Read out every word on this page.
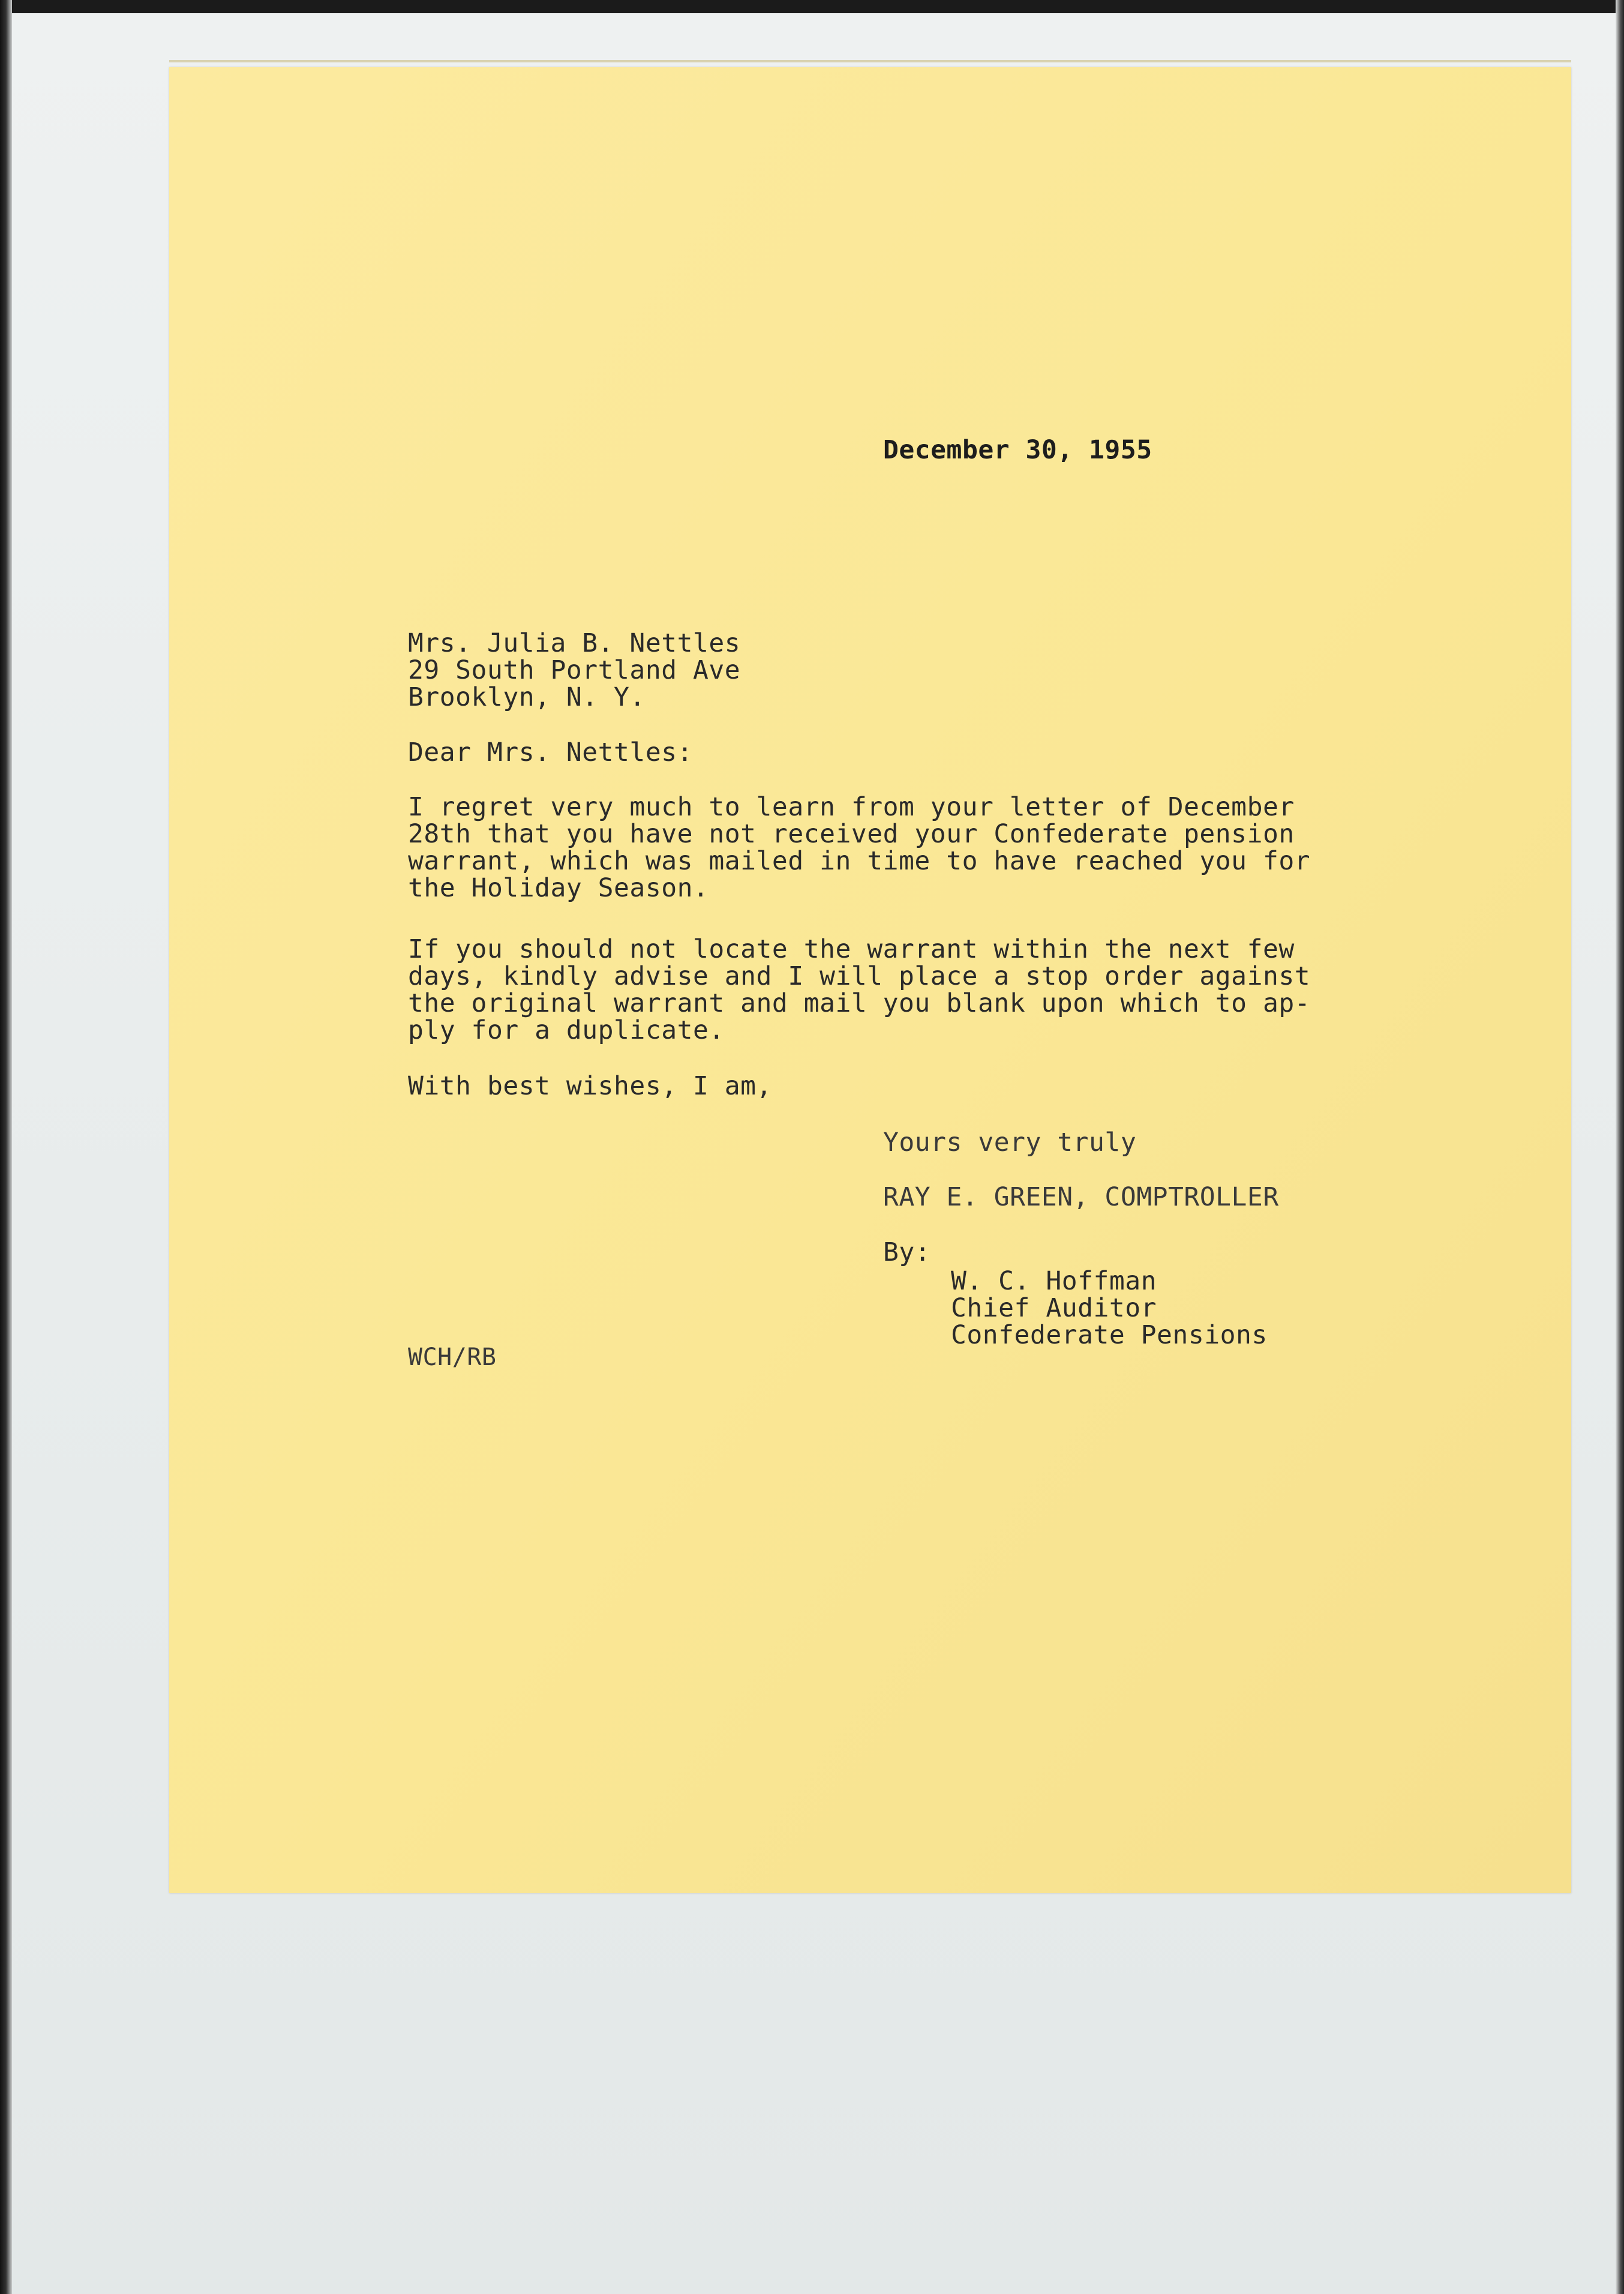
December 30, 1955
Mrs. Julia B. Nettles
29 South Portland Ave
Brooklyn, N. Y.
Dear Mrs. Nettles:
I regret very much to learn from your letter of December
28th that you have not received your Confederate pension
warrant, which was mailed in time to have reached you for
the Holiday Season.
If you should not locate the warrant within the next few
days, kindly advise and I will place a stop order against
the original warrant and mail you blank upon which to ap-
ply for a duplicate.
With best wishes, I am,
Yours very truly
RAY E. GREEN, COMPTROLLER
By:
W. C. Hoffman
Chief Auditor
Confederate Pensions
WCH/RB
